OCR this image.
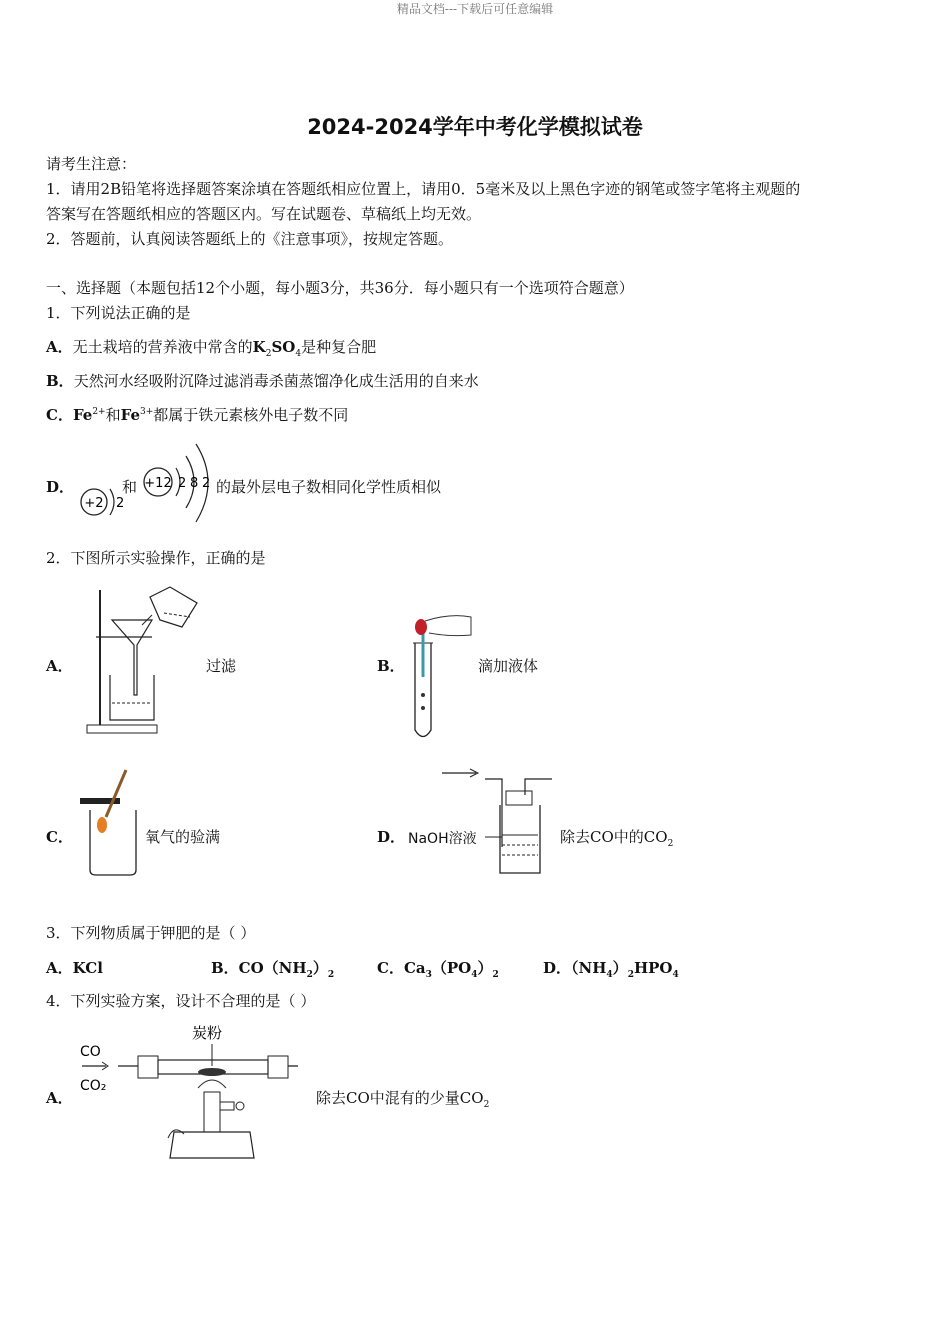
精品文档---下载后可任意编辑
2024-2024学年中考化学模拟试卷
请考生注意：
1．请用2B铅笔将选择题答案涂填在答题纸相应位置上，请用0．5毫米及以上黑色字迹的钢笔或签字笔将主观题的
答案写在答题纸相应的答题区内。写在试题卷、草稿纸上均无效。
2．答题前，认真阅读答题纸上的《注意事项》，按规定答题。
一、选择题（本题包括12个小题，每小题3分，共36分．每小题只有一个选项符合题意）
1．下列说法正确的是
A．无土栽培的营养液中常含的$K_2SO_4$是种复合肥
B．天然河水经吸附沉降过滤消毒杀菌蒸馏净化成生活用的自来水
C．$Fe^{2+}$和$Fe^{3+}$都属于铁元素核外电子数不同
D．
+2 2
和 +12 2 8 2 的最外层电子数相同化学性质相似
2．下图所示实验操作，正确的是
A．	过滤	B．	滴加液体
C．	氧气的验满	D． NaOH溶液	除去CO中的$CO_2$
3．下列物质属于钾肥的是（ ）
A．KCl	B．$CO(NH_2)_2$	C．$Ca_3(PO_4)_2$	D．$(NH_4)_2HPO_4$
4．下列实验方案，设计不合理的是（ ）
A．
CO
CO₂
炭粉
除去CO中混有的少量$CO_2$
